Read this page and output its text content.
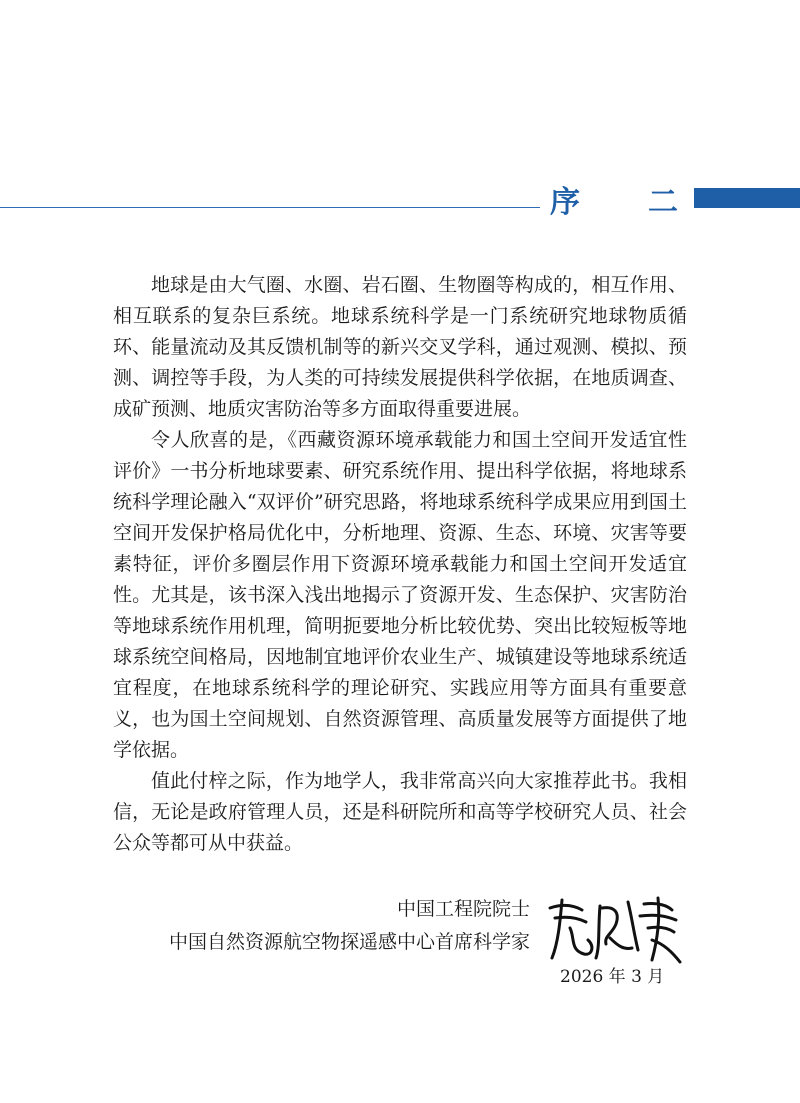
序 二

地球是由大气圈、水圈、岩石圈、生物圈等构成的，相互作用、相互联系的复杂巨系统。地球系统科学是一门系统研究地球物质循环、能量流动及其反馈机制等的新兴交叉学科，通过观测、模拟、预测、调控等手段，为人类的可持续发展提供科学依据，在地质调查、成矿预测、地质灾害防治等多方面取得重要进展。

令人欣喜的是，《西藏资源环境承载能力和国土空间开发适宜性评价》一书分析地球要素、研究系统作用、提出科学依据，将地球系统科学理论融入“双评价”研究思路，将地球系统科学成果应用到国土空间开发保护格局优化中，分析地理、资源、生态、环境、灾害等要素特征，评价多圈层作用下资源环境承载能力和国土空间开发适宜性。尤其是，该书深入浅出地揭示了资源开发、生态保护、灾害防治等地球系统作用机理，简明扼要地分析比较优势、突出比较短板等地球系统空间格局，因地制宜地评价农业生产、城镇建设等地球系统适宜程度，在地球系统科学的理论研究、实践应用等方面具有重要意义，也为国土空间规划、自然资源管理、高质量发展等方面提供了地学依据。

值此付梓之际，作为地学人，我非常高兴向大家推荐此书。我相信，无论是政府管理人员，还是科研院所和高等学校研究人员、社会公众等都可从中获益。

中国工程院院士
中国自然资源航空物探遥感中心首席科学家
2026 年 3 月
